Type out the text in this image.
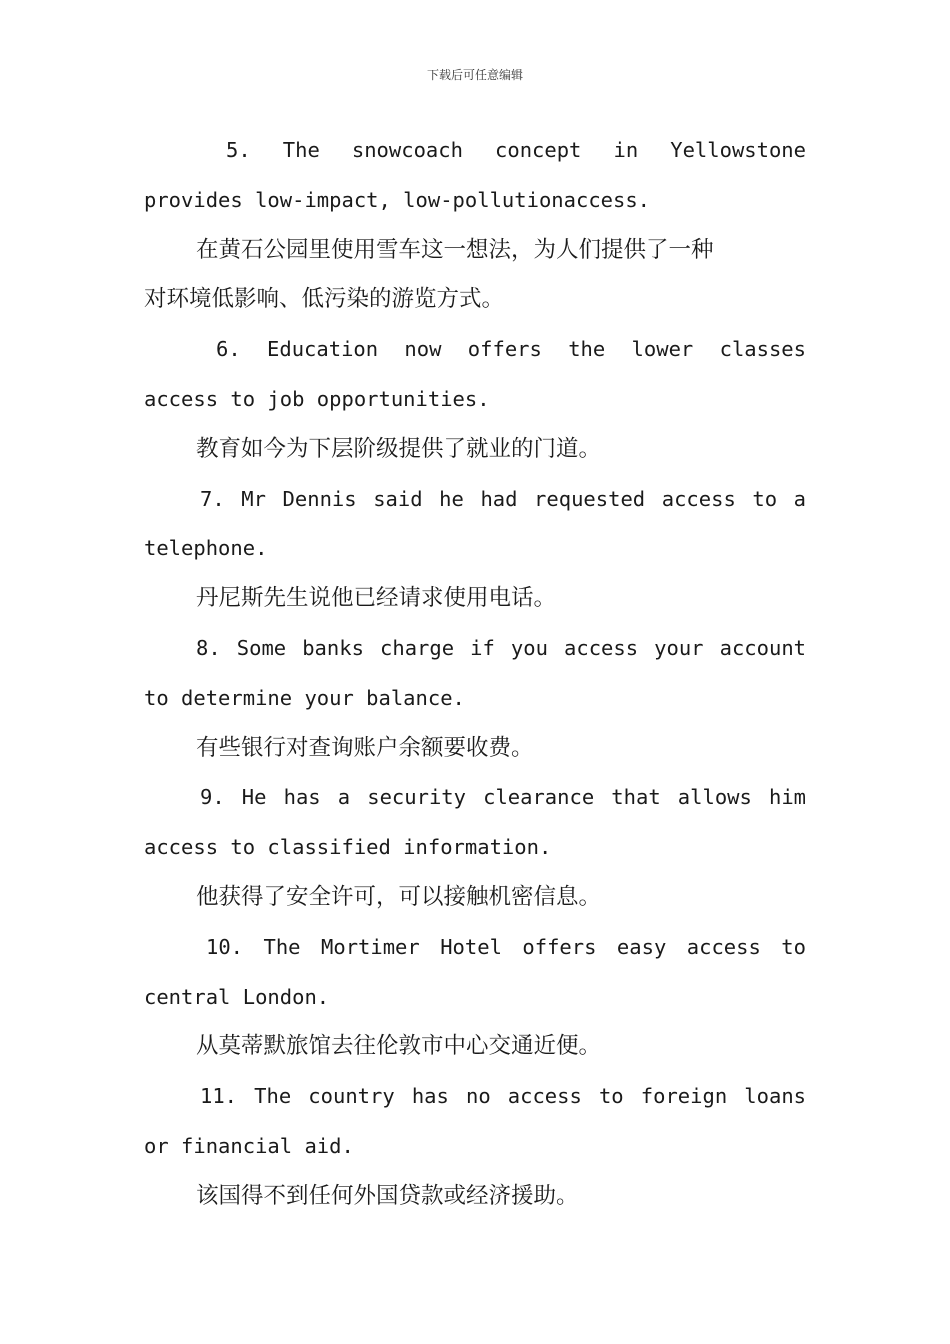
下载后可任意编辑
5. The snowcoach concept in Yellowstone
provides low-impact, low-pollutionaccess.
在黄石公园里使用雪车这一想法，为人们提供了一种
对环境低影响、低污染的游览方式。
6. Education now offers the lower classes
access to job opportunities.
教育如今为下层阶级提供了就业的门道。
7. Mr Dennis said he had requested access to a
telephone.
丹尼斯先生说他已经请求使用电话。
8. Some banks charge if you access your account
to determine your balance.
有些银行对查询账户余额要收费。
9. He has a security clearance that allows him
access to classified information.
他获得了安全许可，可以接触机密信息。
10. The Mortimer Hotel offers easy access to
central London.
从莫蒂默旅馆去往伦敦市中心交通近便。
11. The country has no access to foreign loans
or financial aid.
该国得不到任何外国贷款或经济援助。
